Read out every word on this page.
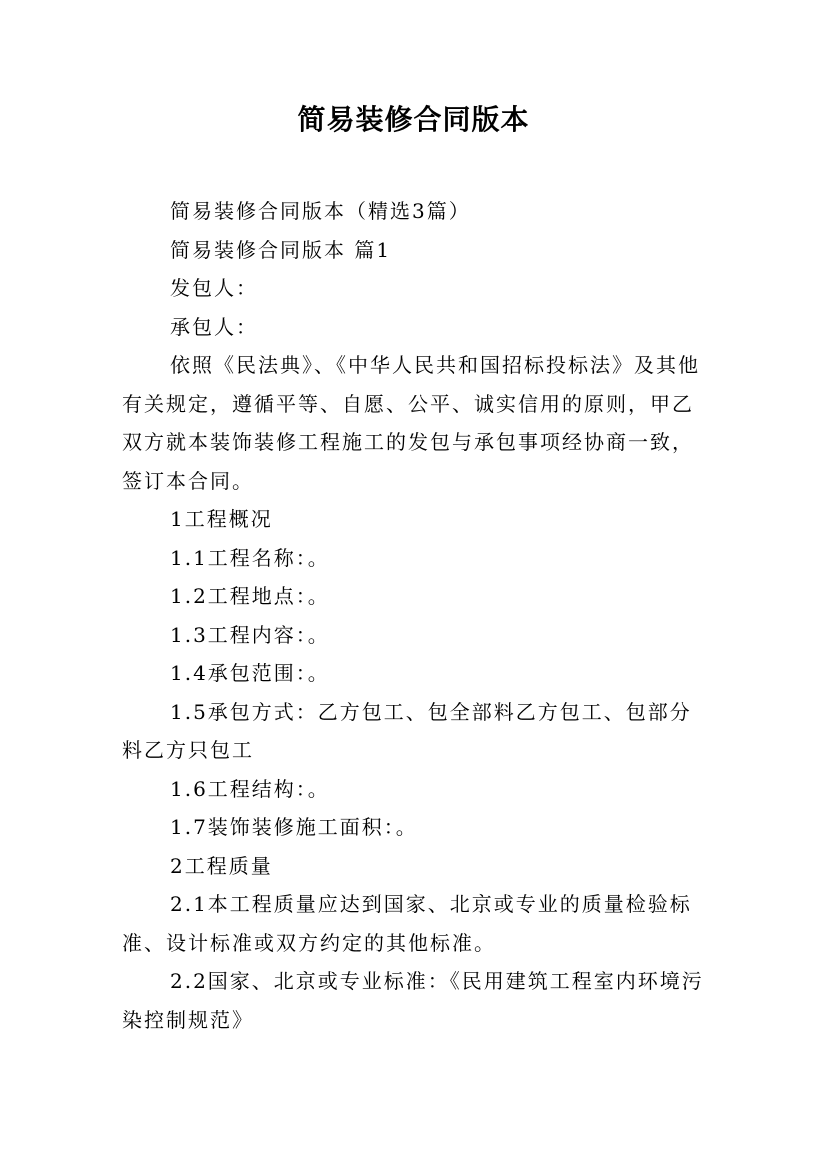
简易装修合同版本

简易装修合同版本（精选3篇）

简易装修合同版本 篇1

发包人：

承包人：

依照《民法典》、《中华人民共和国招标投标法》及其他有关规定，遵循平等、自愿、公平、诚实信用的原则，甲乙双方就本装饰装修工程施工的发包与承包事项经协商一致，签订本合同。

1工程概况

1.1工程名称：。

1.2工程地点：。

1.3工程内容：。

1.4承包范围：。

1.5承包方式：乙方包工、包全部料乙方包工、包部分料乙方只包工

1.6工程结构：。

1.7装饰装修施工面积：。

2工程质量

2.1本工程质量应达到国家、北京或专业的质量检验标准、设计标准或双方约定的其他标准。

2.2国家、北京或专业标准：《民用建筑工程室内环境污染控制规范》
